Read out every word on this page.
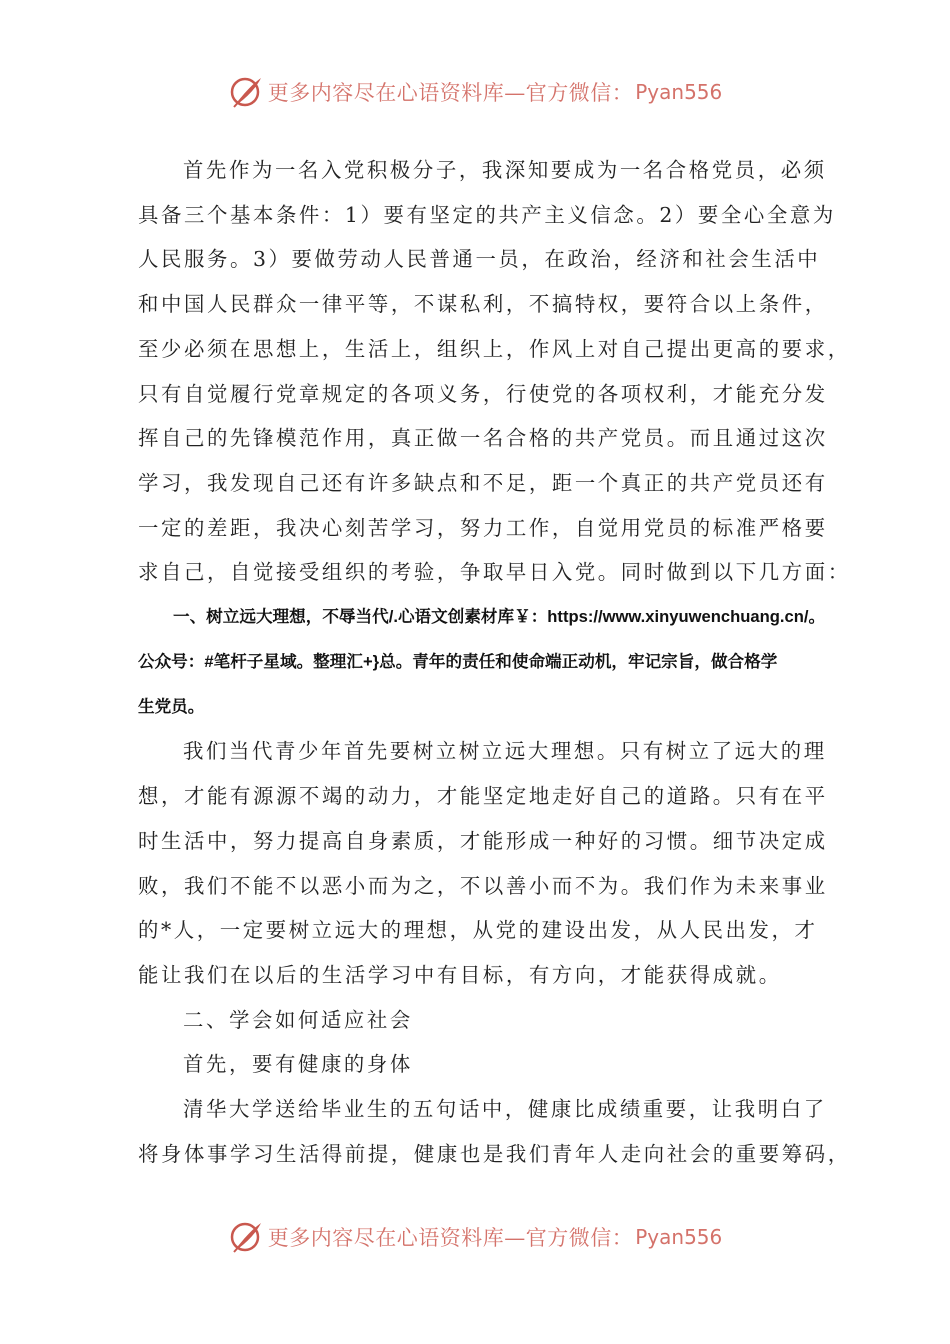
更多内容尽在心语资料库—官方微信： Pyan556

首先作为一名入党积极分子，我深知要成为一名合格党员，必须
具备三个基本条件：1）要有坚定的共产主义信念。2）要全心全意为
人民服务。3）要做劳动人民普通一员，在政治，经济和社会生活中
和中国人民群众一律平等，不谋私利，不搞特权，要符合以上条件，
至少必须在思想上，生活上，组织上，作风上对自己提出更高的要求，
只有自觉履行党章规定的各项义务，行使党的各项权利，才能充分发
挥自己的先锋模范作用，真正做一名合格的共产党员。而且通过这次
学习，我发现自己还有许多缺点和不足，距一个真正的共产党员还有
一定的差距，我决心刻苦学习，努力工作，自觉用党员的标准严格要
求自己，自觉接受组织的考验，争取早日入党。同时做到以下几方面：

一、树立远大理想，不辱当代/.心语文创素材库￥：https://www.xinyuwenchuang.cn/。
公众号：#笔杆子星域。整理汇+}总。青年的责任和使命端正动机，牢记宗旨，做合格学
生党员。

我们当代青少年首先要树立树立远大理想。只有树立了远大的理
想，才能有源源不竭的动力，才能坚定地走好自己的道路。只有在平
时生活中，努力提高自身素质，才能形成一种好的习惯。细节决定成
败，我们不能不以恶小而为之，不以善小而不为。我们作为未来事业
的*人，一定要树立远大的理想，从党的建设出发，从人民出发，才
能让我们在以后的生活学习中有目标，有方向，才能获得成就。

二、学会如何适应社会

首先，要有健康的身体

清华大学送给毕业生的五句话中，健康比成绩重要，让我明白了
将身体事学习生活得前提，健康也是我们青年人走向社会的重要筹码，

更多内容尽在心语资料库—官方微信： Pyan556
